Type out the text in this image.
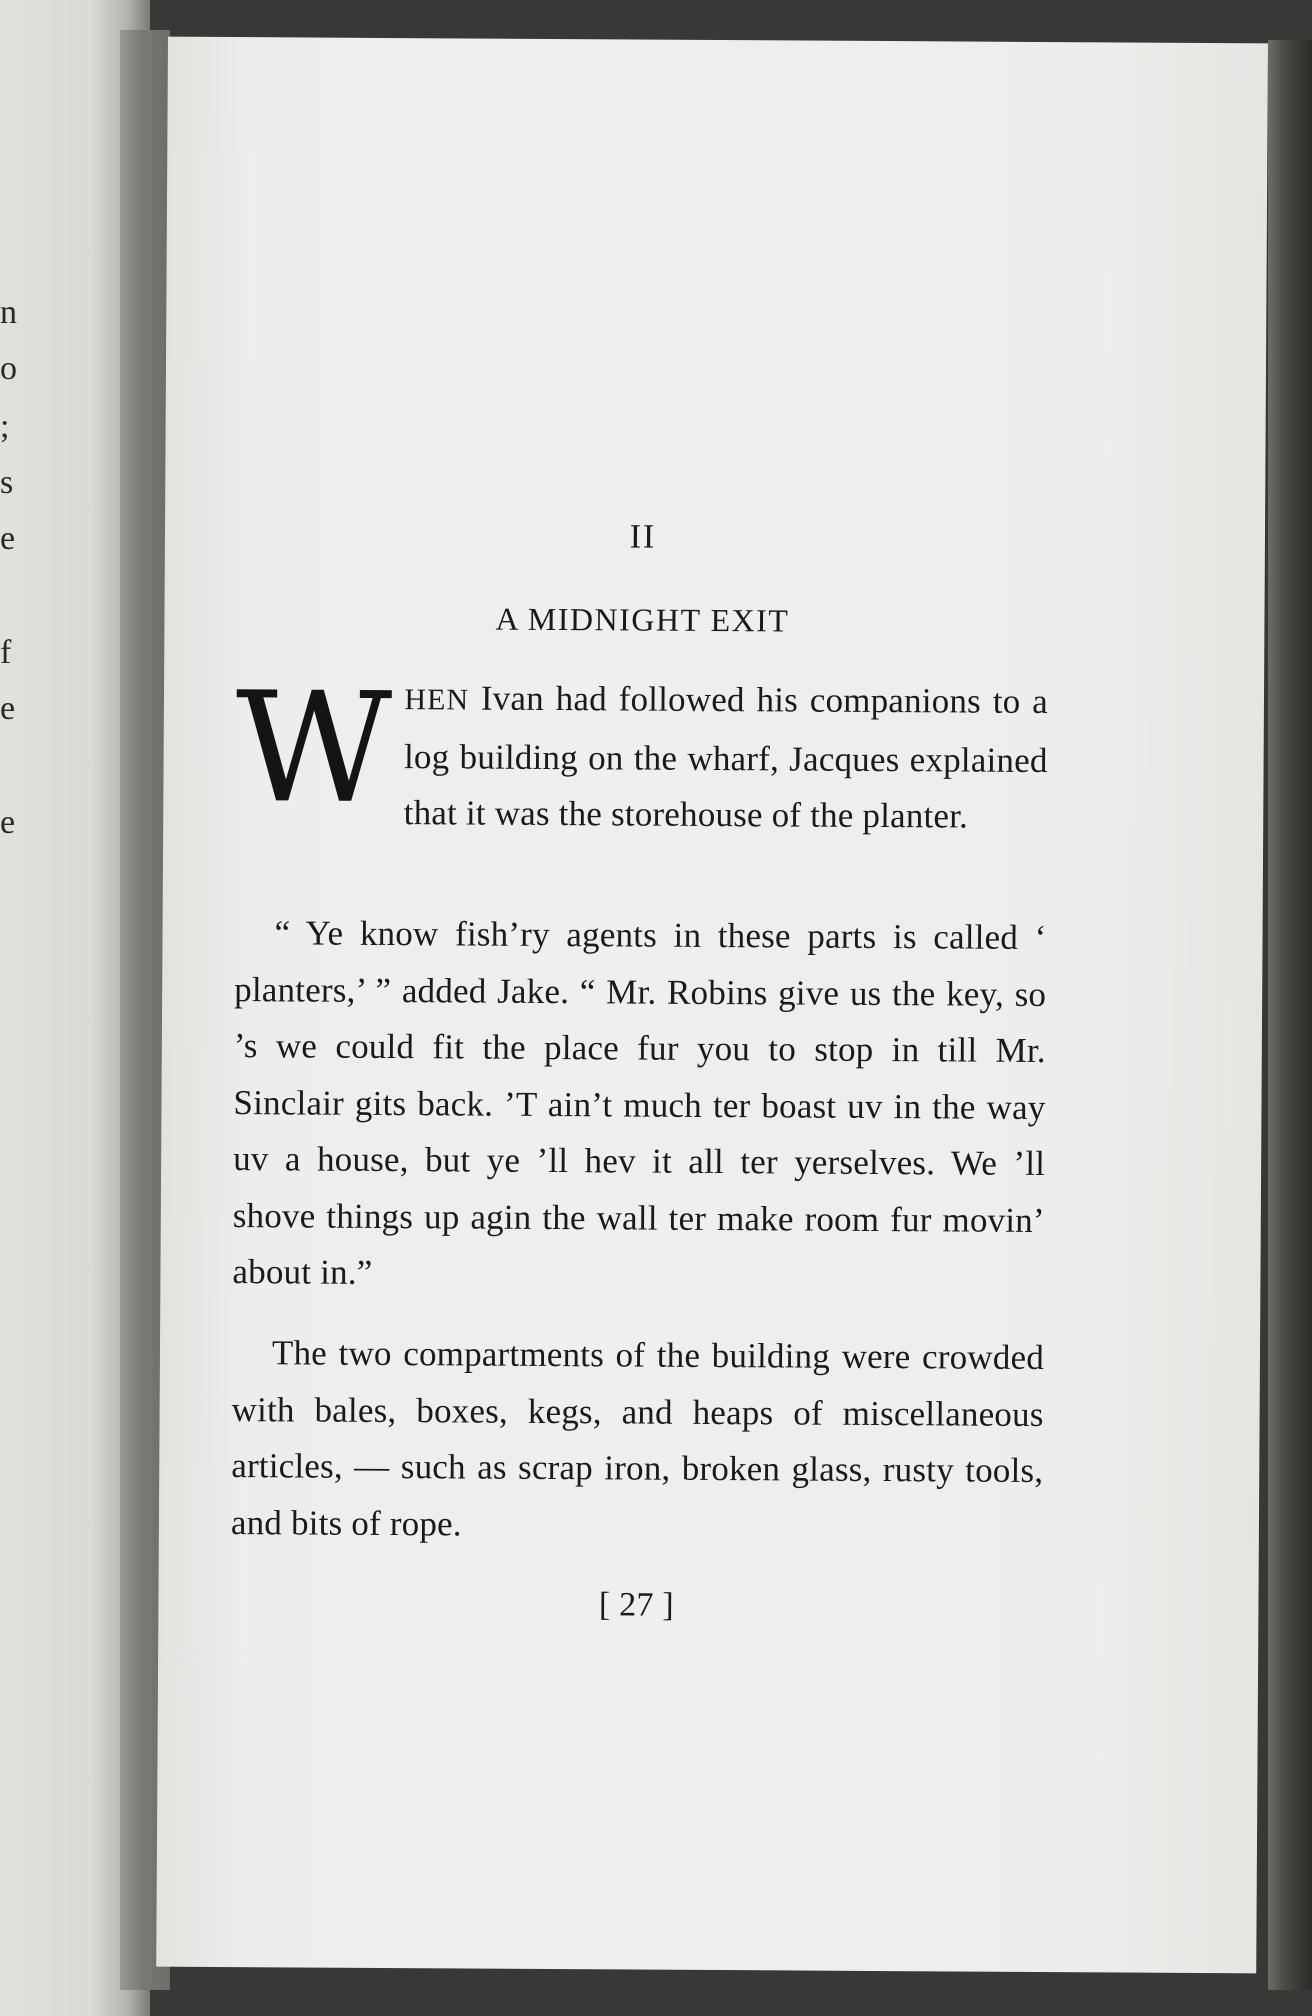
n
o
;
s
e
f
e
e
II
A MIDNIGHT EXIT

WHEN Ivan had followed his companions to a log building on the wharf, Jacques explained that it was the storehouse of the planter.

“ Ye know fish’ry agents in these parts is called ‘ planters,’ ” added Jake. “ Mr. Robins give us the key, so ’s we could fit the place fur you to stop in till Mr. Sinclair gits back. ’T ain’t much ter boast uv in the way uv a house, but ye ’ll hev it all ter yerselves. We ’ll shove things up agin the wall ter make room fur movin’ about in.”

The two compartments of the building were crowded with bales, boxes, kegs, and heaps of miscellaneous articles, — such as scrap iron, broken glass, rusty tools, and bits of rope.

[ 27 ]
